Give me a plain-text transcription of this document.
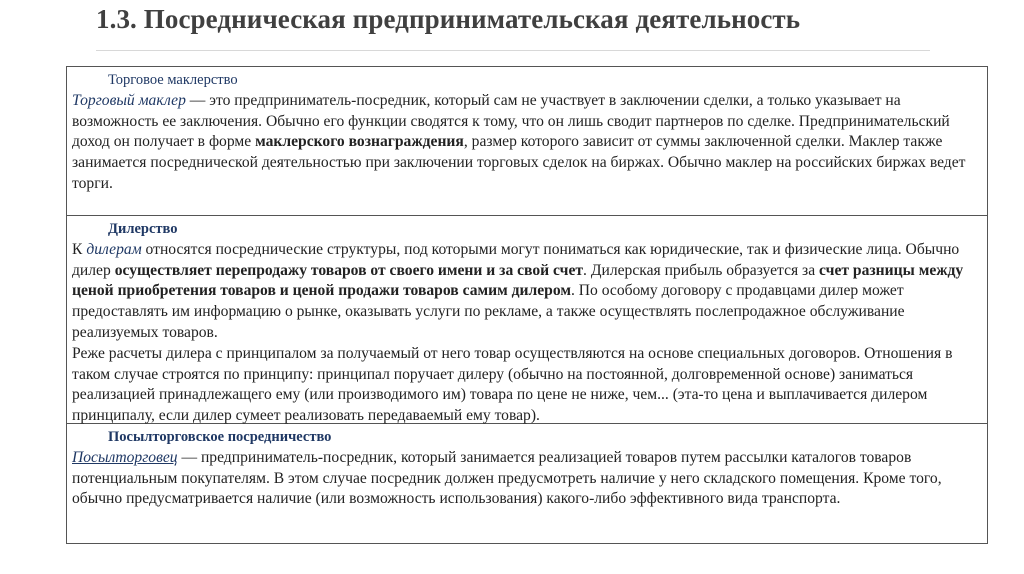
1.3. Посредническая предпринимательская деятельность
Торговое маклерство

Торговый маклер — это предприниматель-посредник, который сам не участвует в заключении сделки, а только указывает на возможность ее заключения. Обычно его функции сводятся к тому, что он лишь сводит партнеров по сделке. Предпринимательский доход он получает в форме маклерского вознаграждения, размер которого зависит от суммы заключенной сделки. Маклер также занимается посреднической деятельностью при заключении торговых сделок на биржах. Обычно маклер на российских биржах ведет торги.

Дилерство

К дилерам относятся посреднические структуры, под которыми могут пониматься как юридические, так и физические лица. Обычно дилер осуществляет перепродажу товаров от своего имени и за свой счет. Дилерская прибыль образуется за счет разницы между ценой приобретения товаров и ценой продажи товаров самим дилером. По особому договору с продавцами дилер может предоставлять им информацию о рынке, оказывать услуги по рекламе, а также осуществлять послепродажное обслуживание реализуемых товаров.

Реже расчеты дилера с принципалом за получаемый от него товар осуществляются на основе специальных договоров. Отношения в таком случае строятся по принципу: принципал поручает дилеру (обычно на постоянной, долговременной основе) заниматься реализацией принадлежащего ему (или производимого им) товара по цене не ниже, чем... (эта-то цена и выплачивается дилером принципалу, если дилер сумеет реализовать передаваемый ему товар).

Посылторговское посредничество

Посылторговец — предприниматель-посредник, который занимается реализацией товаров путем рассылки каталогов товаров потенциальным покупателям. В этом случае посредник должен предусмотреть наличие у него складского помещения. Кроме того, обычно предусматривается наличие (или возможность использования) какого-либо эффективного вида транспорта.
